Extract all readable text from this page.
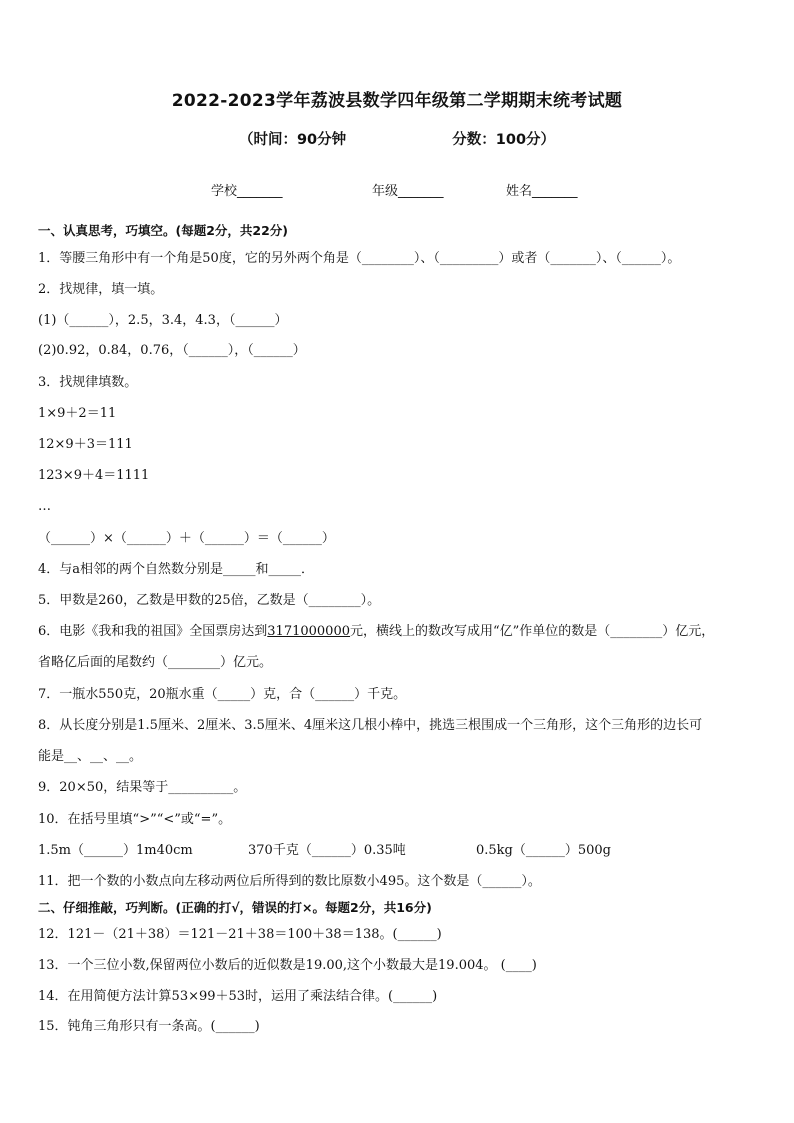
2022-2023学年荔波县数学四年级第二学期期末统考试题
（时间：90分钟	分数：100分）
学校_______	年级_______	姓名_______
一、认真思考，巧填空。(每题2分，共22分)
1．等腰三角形中有一个角是50度，它的另外两个角是（________）、（_________）或者（_______）、（______）。
2．找规律，填一填。
(1)（______），2.5，3.4，4.3，（______）
(2)0.92，0.84，0.76，（______），（______）
3．找规律填数。
1×9＋2＝11
12×9＋3＝111
123×9＋4＝1111
…
（______）×（______）＋（______）＝（______）
4．与a相邻的两个自然数分别是_____和_____．
5．甲数是260，乙数是甲数的25倍，乙数是（________）。
6．电影《我和我的祖国》全国票房达到3171000000元，横线上的数改写成用“亿”作单位的数是（________）亿元，
省略亿后面的尾数约（________）亿元。
7．一瓶水550克，20瓶水重（_____）克，合（______）千克。
8．从长度分别是1.5厘米、2厘米、3.5厘米、4厘米这几根小棒中，挑选三根围成一个三角形，这个三角形的边长可
能是__、__、__。
9．20×50，结果等于__________。
10．在括号里填“>”“<”或“=”。
1.5m（______）1m40cm	370千克（______）0.35吨	0.5kg（______）500g
11．把一个数的小数点向左移动两位后所得到的数比原数小495。这个数是（______）。
二、仔细推敲，巧判断。(正确的打√，错误的打×。每题2分，共16分)
12．121－（21＋38）＝121－21＋38＝100＋38＝138。(______)
13．一个三位小数,保留两位小数后的近似数是19.00,这个小数最大是19.004。 (____)
14．在用简便方法计算53×99＋53时，运用了乘法结合律。(______)
15．钝角三角形只有一条高。(______)
